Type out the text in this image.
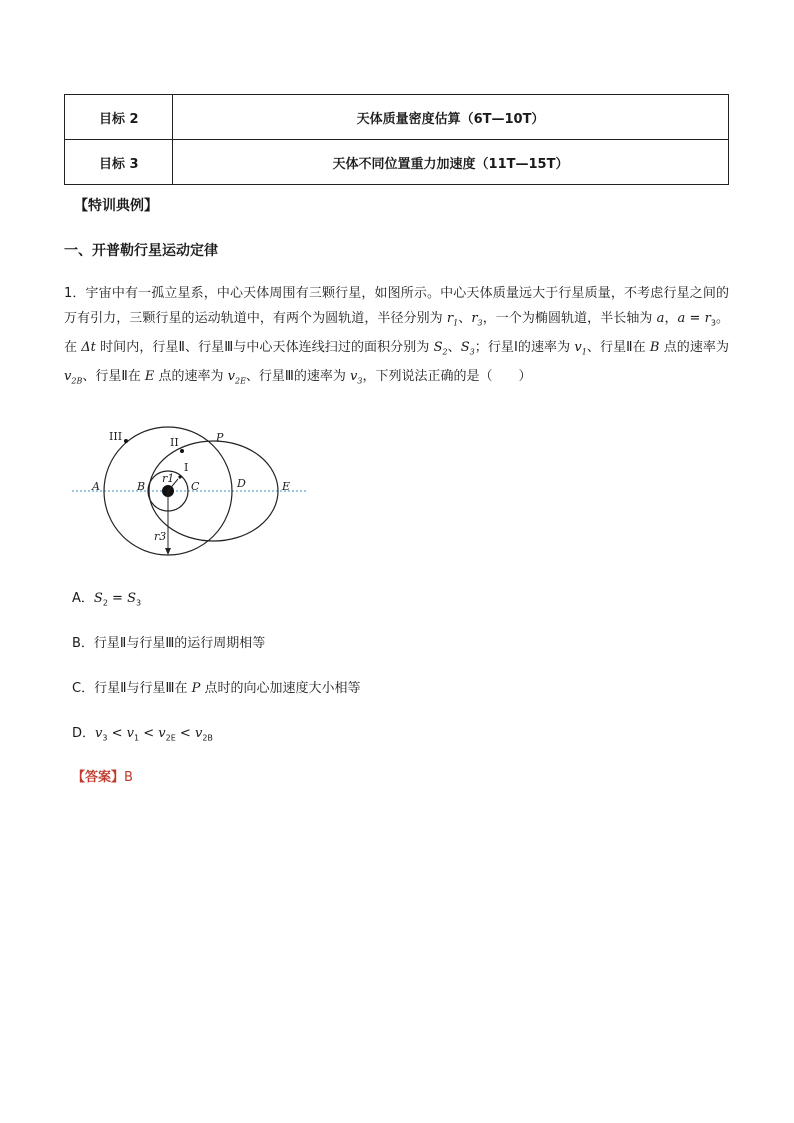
目标 2	天体质量密度估算（6T—10T）
目标 3	天体不同位置重力加速度（11T—15T）
【特训典例】
一、开普勒行星运动定律
1．宇宙中有一孤立星系，中心天体周围有三颗行星，如图所示。中心天体质量远大于行星质量，不考虑行星之间的万有引力，三颗行星的运动轨道中，有两个为圆轨道，半径分别为 $r_1$、$r_3$，一个为椭圆轨道，半长轴为 a，$a = r_3$。在 Δt 时间内，行星Ⅱ、行星Ⅲ与中心天体连线扫过的面积分别为 $S_2$、$S_3$；行星Ⅰ的速率为 $v_1$、行星Ⅱ在 B 点的速率为 $v_{2B}$、行星Ⅱ在 E 点的速率为 $v_{2E}$、行星Ⅲ的速率为 $v_3$，下列说法正确的是（　　）
A	B	C	D	E
P
III	II
I
r1
r3
A．$S_2 = S_3$
B．行星Ⅱ与行星Ⅲ的运行周期相等
C．行星Ⅱ与行星Ⅲ在 P 点时的向心加速度大小相等
D．$v_3 < v_1 < v_{2E} < v_{2B}$
【答案】B
